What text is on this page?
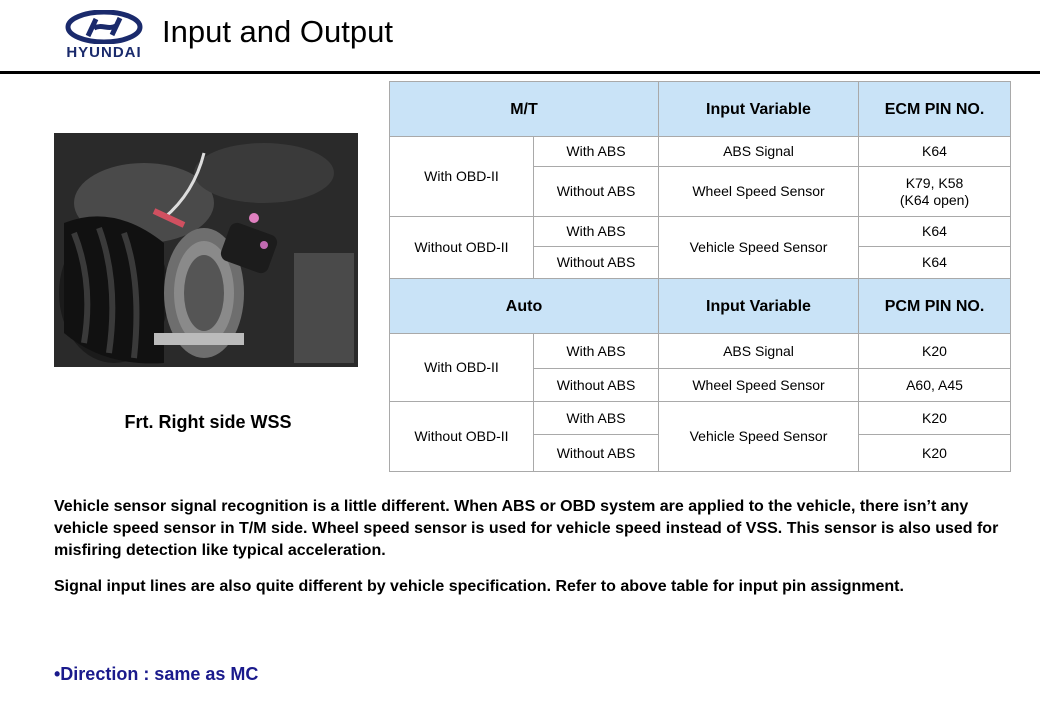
HYUNDAI
Input and Output
Frt. Right side WSS
M/T		Input Variable	ECM PIN NO.
With OBD-II	With ABS	ABS Signal	K64
	Without ABS	Wheel Speed Sensor	K79, K58
(K64 open)

Without OBD-II	With ABS	Vehicle Speed Sensor	K64
	Without ABS		K64
Auto		Input Variable	PCM PIN NO.
With OBD-II	With ABS	ABS Signal	K20
	Without ABS	Wheel Speed Sensor	A60, A45
Without OBD-II	With ABS	Vehicle Speed Sensor	K20
	Without ABS		K20
Vehicle sensor signal recognition is a little different. When ABS or OBD system are applied to the vehicle, there isn’t any vehicle speed sensor in T/M side. Wheel speed sensor is used for vehicle speed instead of VSS. This sensor is also used for misfiring detection like typical acceleration.
Signal input lines are also quite different by vehicle specification. Refer to above table for input pin assignment.
•Direction : same as MC
